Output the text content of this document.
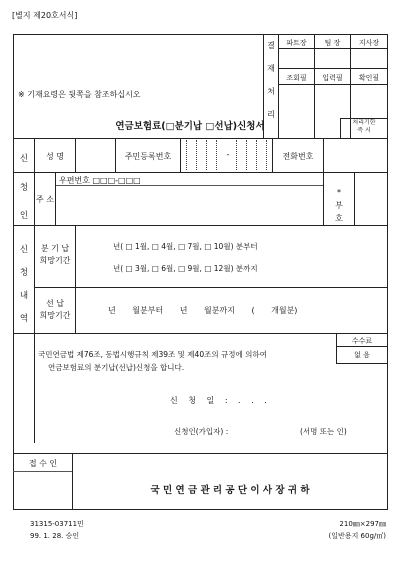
[별지 제20호서식]
결
재
처
리
파트장	팀 장	지사장
조회필	입력필	확인필
※ 기재요령은 뒷쪽을 참조하십시오
연금보험료(□분기납 □선납)신청서	처리기한
즉 시
신
청
인
성 명	주민등록번호	-	전화번호
주 소
우편번호 □□□-□□□
*
부
호
신
청
내
역
분 기 납
희망기간
년( □ 1월, □ 4월, □ 7월, □ 10월) 분부터
년( □ 3월, □ 6월, □ 9월, □ 12월) 분까지
선 납
희망기간
년 월분부터 년 월분까지 ( 개월분)
수수료
없 음
국민연금법 제76조, 동법시행규칙 제39조 및 제40조의 규정에 의하여
연금보험료의 분기납(선납)신청을 합니다.
신 청 일 : . . .
신청인(가입자) :	(서명 또는 인)
접 수 인
국 민 연 금 관 리 공 단 이 사 장 귀 하
31315-03711민
99. 1. 28. 승인
210㎜×297㎜
(일반용지 60g/㎡)
